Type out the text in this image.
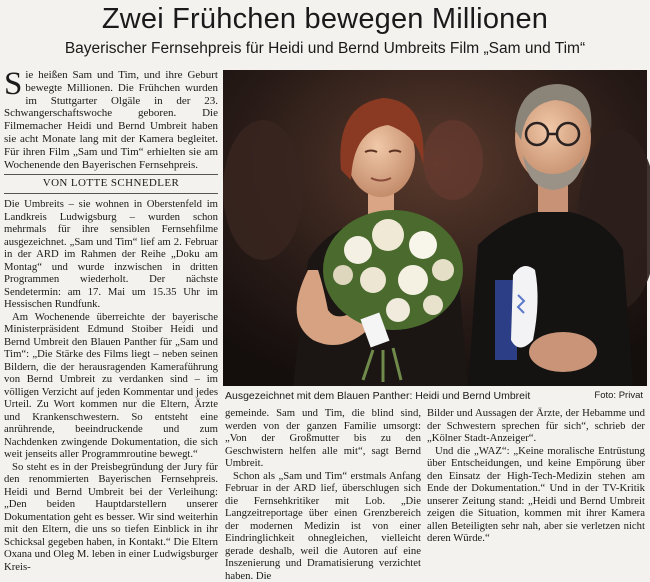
Zwei Frühchen bewegen Millionen
Bayerischer Fernsehpreis für Heidi und Bernd Umbreits Film „Sam und Tim“
Sie heißen Sam und Tim, und ihre Geburt bewegte Millionen. Die Frühchen wurden im Stuttgarter Olgäle in der 23. Schwangerschaftswoche geboren. Die Filmemacher Heidi und Bernd Umbreit haben sie acht Monate lang mit der Kamera begleitet. Für ihren Film „Sam und Tim“ erhielten sie am Wochenende den Bayerischen Fernsehpreis.
VON LOTTE SCHNEDLER

Die Umbreits – sie wohnen in Oberstenfeld im Landkreis Ludwigsburg – wurden schon mehrmals für ihre sensiblen Fernsehfilme ausgezeichnet. „Sam und Tim“ lief am 2. Februar in der ARD im Rahmen der Reihe „Doku am Montag“ und wurde inzwischen in dritten Programmen wiederholt. Der nächste Sendetermin: am 17. Mai um 15.35 Uhr im Hessischen Rundfunk.

Am Wochenende überreichte der bayerische Ministerpräsident Edmund Stoiber Heidi und Bernd Umbreit den Blauen Panther für „Sam und Tim“: „Die Stärke des Films liegt – neben seinen Bildern, die der herausragenden Kameraführung von Bernd Umbreit zu verdanken sind – im völligen Verzicht auf jeden Kommentar und jedes Urteil. Zu Wort kommen nur die Eltern, Ärzte und Krankenschwestern. So entsteht eine anrührende, beeindruckende und zum Nachdenken zwingende Dokumentation, die sich weit jenseits aller Programmroutine bewegt.“

So steht es in der Preisbegründung der Jury für den renommierten Bayerischen Fernsehpreis. Heidi und Bernd Umbreit bei der Verleihung: „Den beiden Hauptdarstellern unserer Dokumentation geht es besser. Wir sind weiterhin mit den Eltern, die uns so tiefen Einblick in ihr Schicksal gegeben haben, in Kontakt.“ Die Eltern Oxana und Oleg M. leben in einer Ludwigsburger Kreis-

Ausgezeichnet mit dem Blauen Panther: Heidi und Bernd Umbreit	Foto: Privat

gemeinde. Sam und Tim, die blind sind, werden von der ganzen Familie umsorgt: „Von der Großmutter bis zu den Geschwistern helfen alle mit“, sagt Bernd Umbreit.

Schon als „Sam und Tim“ erstmals Anfang Februar in der ARD lief, überschlugen sich die Fernsehkritiker mit Lob. „Die Langzeitreportage über einen Grenzbereich der modernen Medizin ist von einer Eindringlichkeit ohnegleichen, vielleicht gerade deshalb, weil die Autoren auf eine Inszenierung und Dramatisierung verzichtet haben. Die

Bilder und Aussagen der Ärzte, der Hebamme und der Schwestern sprechen für sich“, schrieb der „Kölner Stadt-Anzeiger“.

Und die „WAZ“: „Keine moralische Entrüstung über Entscheidungen, und keine Empörung über den Einsatz der High-Tech-Medizin stehen am Ende der Dokumentation.“ Und in der TV-Kritik unserer Zeitung stand: „Heidi und Bernd Umbreit zeigen die Situation, kommen mit ihrer Kamera allen Beteiligten sehr nah, aber sie verletzen nicht deren Würde.“
